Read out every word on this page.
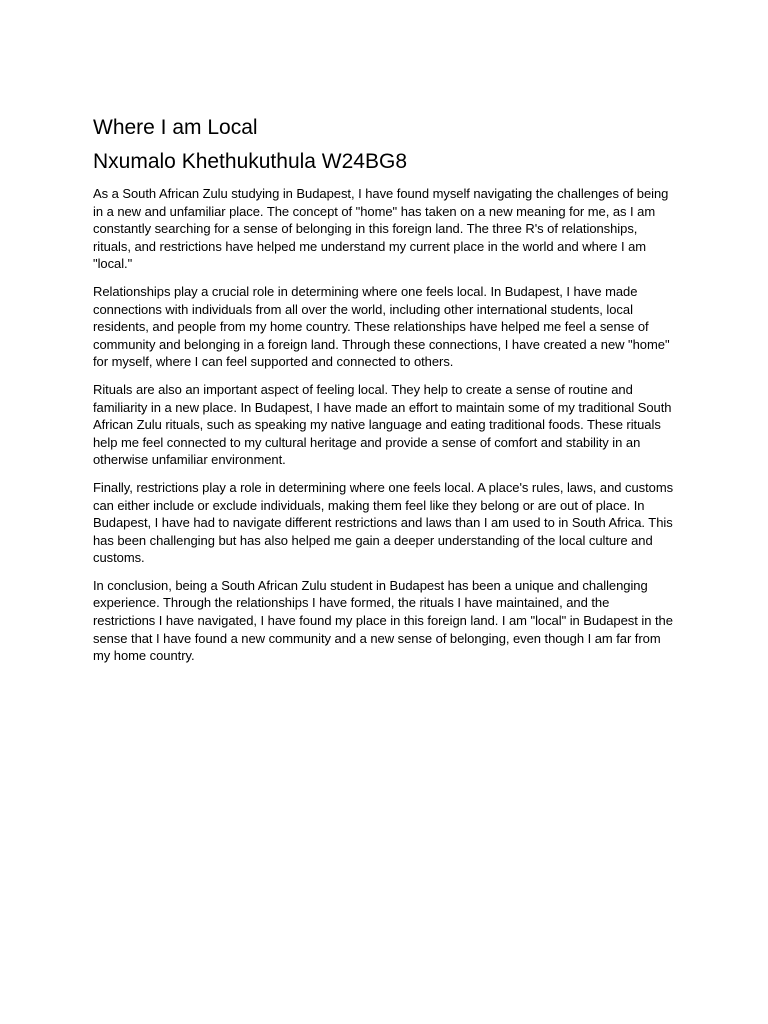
Where I am Local
Nxumalo Khethukuthula W24BG8

As a South African Zulu studying in Budapest, I have found myself navigating the challenges of being in a new and unfamiliar place. The concept of "home" has taken on a new meaning for me, as I am constantly searching for a sense of belonging in this foreign land. The three R's of relationships, rituals, and restrictions have helped me understand my current place in the world and where I am "local."

Relationships play a crucial role in determining where one feels local. In Budapest, I have made connections with individuals from all over the world, including other international students, local residents, and people from my home country. These relationships have helped me feel a sense of community and belonging in a foreign land. Through these connections, I have created a new "home" for myself, where I can feel supported and connected to others.

Rituals are also an important aspect of feeling local. They help to create a sense of routine and familiarity in a new place. In Budapest, I have made an effort to maintain some of my traditional South African Zulu rituals, such as speaking my native language and eating traditional foods. These rituals help me feel connected to my cultural heritage and provide a sense of comfort and stability in an otherwise unfamiliar environment.

Finally, restrictions play a role in determining where one feels local. A place's rules, laws, and customs can either include or exclude individuals, making them feel like they belong or are out of place. In Budapest, I have had to navigate different restrictions and laws than I am used to in South Africa. This has been challenging but has also helped me gain a deeper understanding of the local culture and customs.

In conclusion, being a South African Zulu student in Budapest has been a unique and challenging experience. Through the relationships I have formed, the rituals I have maintained, and the restrictions I have navigated, I have found my place in this foreign land. I am "local" in Budapest in the sense that I have found a new community and a new sense of belonging, even though I am far from my home country.
